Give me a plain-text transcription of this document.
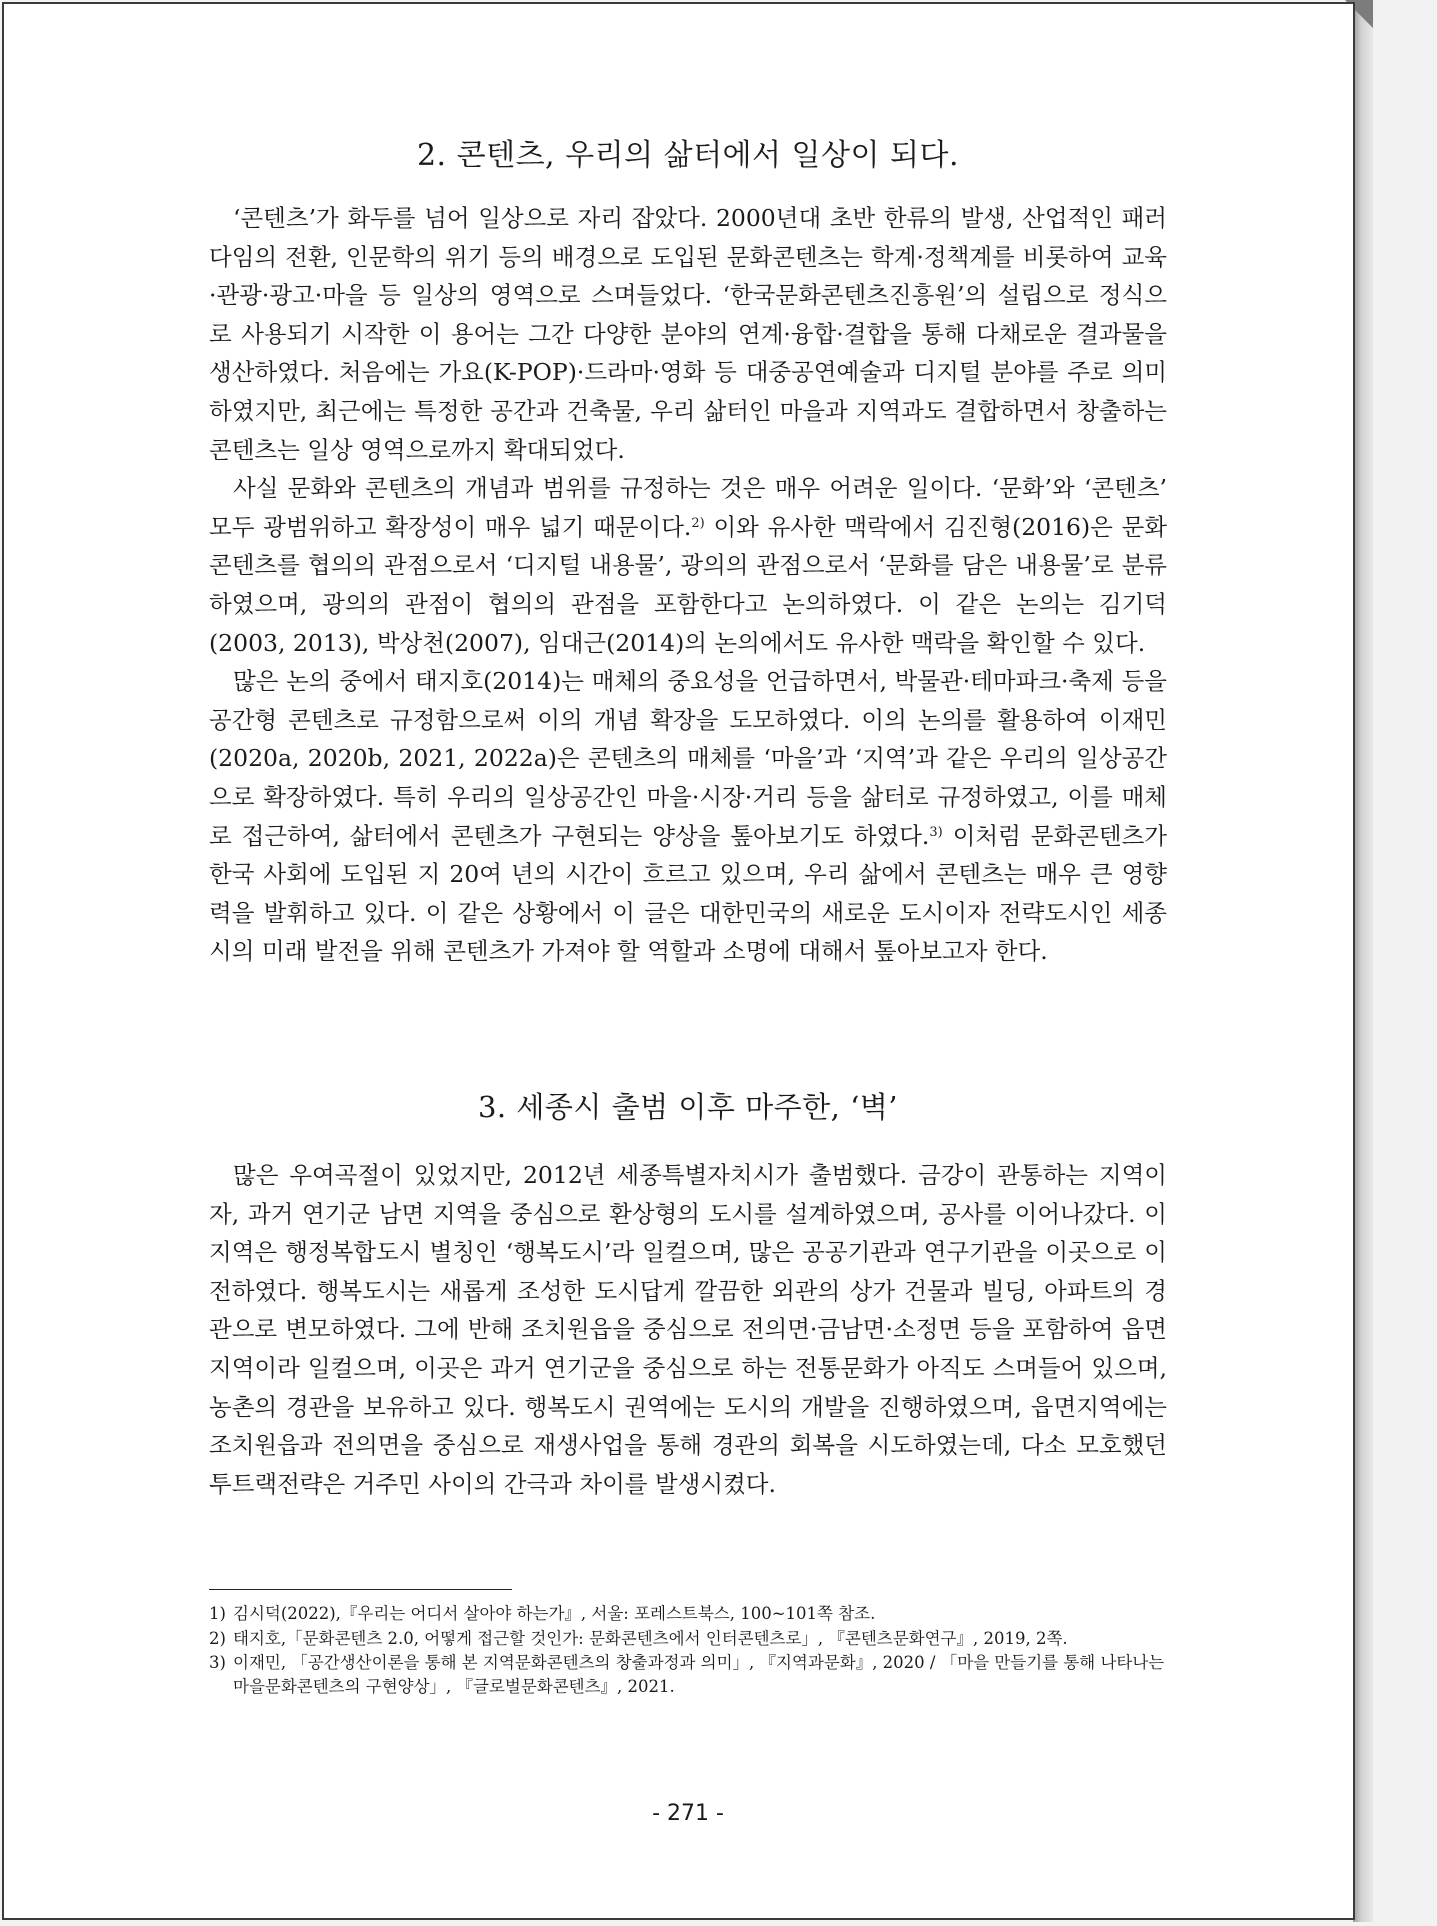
2. 콘텐츠, 우리의 삶터에서 일상이 되다.

‘콘텐츠’가 화두를 넘어 일상으로 자리 잡았다. 2000년대 초반 한류의 발생, 산업적인 패러다임의 전환, 인문학의 위기 등의 배경으로 도입된 문화콘텐츠는 학계·정책계를 비롯하여 교육·관광·광고·마을 등 일상의 영역으로 스며들었다. ‘한국문화콘텐츠진흥원’의 설립으로 정식으로 사용되기 시작한 이 용어는 그간 다양한 분야의 연계·융합·결합을 통해 다채로운 결과물을 생산하였다. 처음에는 가요(K-POP)·드라마·영화 등 대중공연예술과 디지털 분야를 주로 의미하였지만, 최근에는 특정한 공간과 건축물, 우리 삶터인 마을과 지역과도 결합하면서 창출하는 콘텐츠는 일상 영역으로까지 확대되었다.

사실 문화와 콘텐츠의 개념과 범위를 규정하는 것은 매우 어려운 일이다. ‘문화’와 ‘콘텐츠’ 모두 광범위하고 확장성이 매우 넓기 때문이다.$^{2)}$ 이와 유사한 맥락에서 김진형(2016)은 문화콘텐츠를 협의의 관점으로서 ‘디지털 내용물’, 광의의 관점으로서 ‘문화를 담은 내용물’로 분류하였으며, 광의의 관점이 협의의 관점을 포함한다고 논의하였다. 이 같은 논의는 김기덕(2003, 2013), 박상천(2007), 임대근(2014)의 논의에서도 유사한 맥락을 확인할 수 있다.

많은 논의 중에서 태지호(2014)는 매체의 중요성을 언급하면서, 박물관·테마파크·축제 등을 공간형 콘텐츠로 규정함으로써 이의 개념 확장을 도모하였다. 이의 논의를 활용하여 이재민(2020a, 2020b, 2021, 2022a)은 콘텐츠의 매체를 ‘마을’과 ‘지역’과 같은 우리의 일상공간으로 확장하였다. 특히 우리의 일상공간인 마을·시장·거리 등을 삶터로 규정하였고, 이를 매체로 접근하여, 삶터에서 콘텐츠가 구현되는 양상을 톺아보기도 하였다.$^{3)}$ 이처럼 문화콘텐츠가 한국 사회에 도입된 지 20여 년의 시간이 흐르고 있으며, 우리 삶에서 콘텐츠는 매우 큰 영향력을 발휘하고 있다. 이 같은 상황에서 이 글은 대한민국의 새로운 도시이자 전략도시인 세종시의 미래 발전을 위해 콘텐츠가 가져야 할 역할과 소명에 대해서 톺아보고자 한다.

3. 세종시 출범 이후 마주한, ‘벽’

많은 우여곡절이 있었지만, 2012년 세종특별자치시가 출범했다. 금강이 관통하는 지역이자, 과거 연기군 남면 지역을 중심으로 환상형의 도시를 설계하였으며, 공사를 이어나갔다. 이 지역은 행정복합도시 별칭인 ‘행복도시’라 일컬으며, 많은 공공기관과 연구기관을 이곳으로 이전하였다. 행복도시는 새롭게 조성한 도시답게 깔끔한 외관의 상가 건물과 빌딩, 아파트의 경관으로 변모하였다. 그에 반해 조치원읍을 중심으로 전의면·금남면·소정면 등을 포함하여 읍면지역이라 일컬으며, 이곳은 과거 연기군을 중심으로 하는 전통문화가 아직도 스며들어 있으며, 농촌의 경관을 보유하고 있다. 행복도시 권역에는 도시의 개발을 진행하였으며, 읍면지역에는 조치원읍과 전의면을 중심으로 재생사업을 통해 경관의 회복을 시도하였는데, 다소 모호했던 투트랙전략은 거주민 사이의 간극과 차이를 발생시켰다.

1) 김시덕(2022),『우리는 어디서 살아야 하는가』, 서울: 포레스트북스, 100~101쪽 참조.
2) 태지호,「문화콘텐츠 2.0, 어떻게 접근할 것인가: 문화콘텐츠에서 인터콘텐츠로」, 『콘텐츠문화연구』, 2019, 2쪽.
3) 이재민, 「공간생산이론을 통해 본 지역문화콘텐츠의 창출과정과 의미」, 『지역과문화』, 2020 / 「마을 만들기를 통해 나타나는 마을문화콘텐츠의 구현양상」, 『글로벌문화콘텐츠』, 2021.
- 271 -
